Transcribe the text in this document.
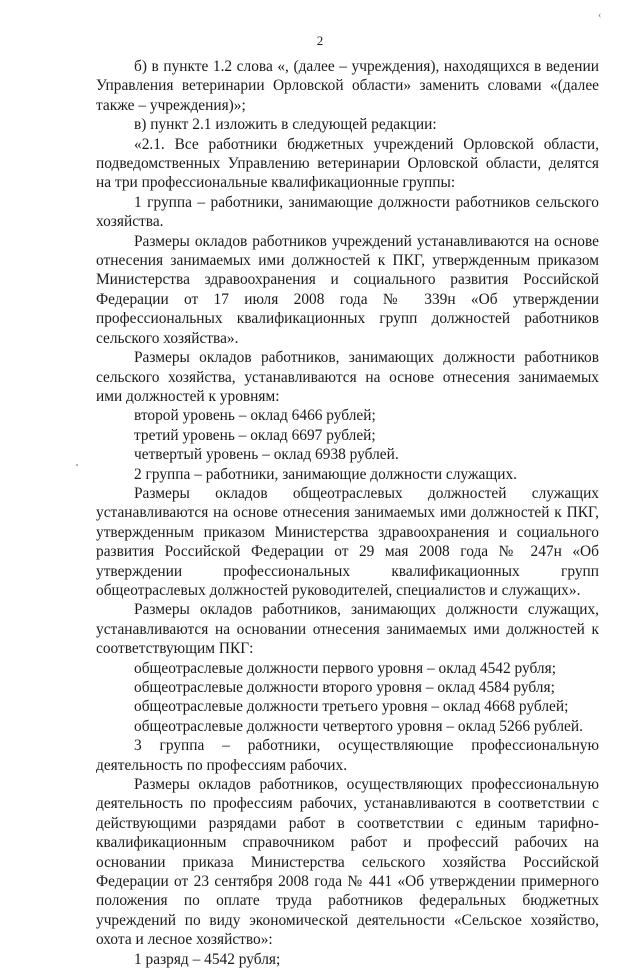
2
‹

б) в пункте 1.2 слова «, (далее – учреждения), находящихся в ведении Управления ветеринарии Орловской области» заменить словами «(далее также – учреждения)»;

в) пункт 2.1 изложить в следующей редакции:

«2.1. Все работники бюджетных учреждений Орловской области, подведомственных Управлению ветеринарии Орловской области, делятся на три профессиональные квалификационные группы:

1 группа – работники, занимающие должности работников сельского хозяйства.

Размеры окладов работников учреждений устанавливаются на основе отнесения занимаемых ими должностей к ПКГ, утвержденным приказом Министерства здравоохранения и социального развития Российской Федерации от 17 июля 2008 года № 339н «Об утверждении профессиональных квалификационных групп должностей работников сельского хозяйства».

Размеры окладов работников, занимающих должности работников сельского хозяйства, устанавливаются на основе отнесения занимаемых ими должностей к уровням:

второй уровень – оклад 6466 рублей;

третий уровень – оклад 6697 рублей;

четвертый уровень – оклад 6938 рублей.

2 группа – работники, занимающие должности служащих.

Размеры окладов общеотраслевых должностей служащих устанавливаются на основе отнесения занимаемых ими должностей к ПКГ, утвержденным приказом Министерства здравоохранения и социального развития Российской Федерации от 29 мая 2008 года № 247н «Об утверждении профессиональных квалификационных групп общеотраслевых должностей руководителей, специалистов и служащих».

Размеры окладов работников, занимающих должности служащих, устанавливаются на основании отнесения занимаемых ими должностей к соответствующим ПКГ:

общеотраслевые должности первого уровня – оклад 4542 рубля;

общеотраслевые должности второго уровня – оклад 4584 рубля;

общеотраслевые должности третьего уровня – оклад 4668 рублей;

общеотраслевые должности четвертого уровня – оклад 5266 рублей.

3 группа – работники, осуществляющие профессиональную деятельность по профессиям рабочих.

Размеры окладов работников, осуществляющих профессиональную деятельность по профессиям рабочих, устанавливаются в соответствии с действующими разрядами работ в соответствии с единым тарифно-квалификационным справочником работ и профессий рабочих на основании приказа Министерства сельского хозяйства Российской Федерации от 23 сентября 2008 года № 441 «Об утверждении примерного положения по оплате труда работников федеральных бюджетных учреждений по виду экономической деятельности «Сельское хозяйство, охота и лесное хозяйство»:

1 разряд – 4542 рубля;
